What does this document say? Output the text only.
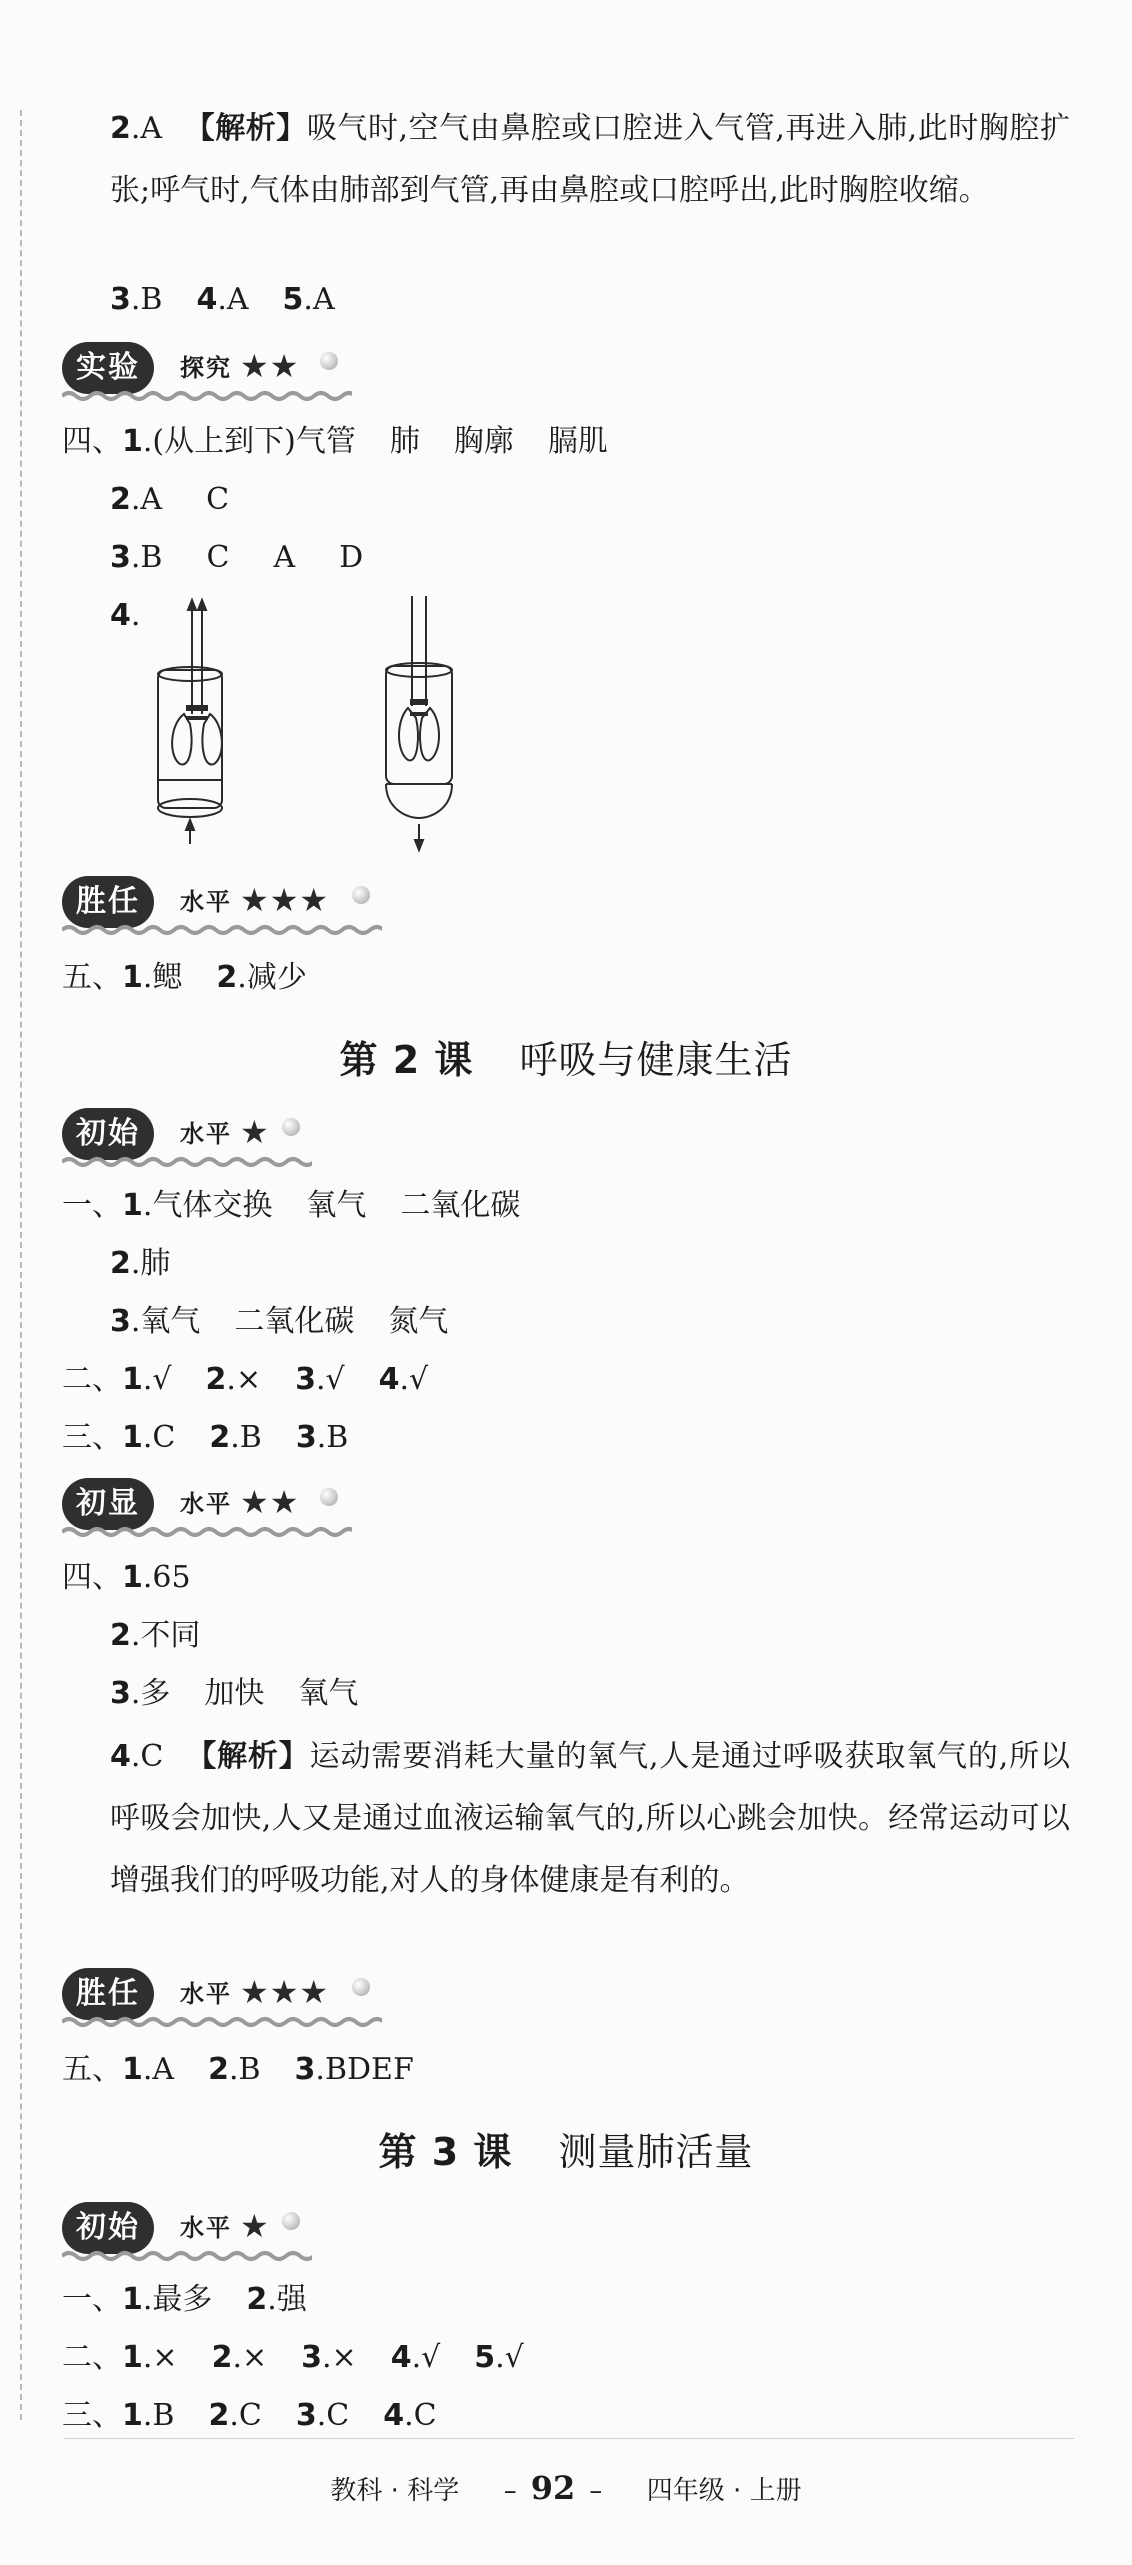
2.A 【解析】吸气时,空气由鼻腔或口腔进入气管,再进入肺,此时胸腔扩张;呼气时,气体由肺部到气管,再由鼻腔或口腔呼出,此时胸腔收缩。
3.B 4.A 5.A
实验	探究 ★★
四、1.(从上到下)气管 肺 胸廓 膈肌
2.A C
3.B C A D
4.
胜任	水平 ★★★
五、1.鳃 2.减少
第 2 课 呼吸与健康生活
初始	水平 ★
一、1.气体交换 氧气 二氧化碳
2.肺
3.氧气 二氧化碳 氮气
二、1.√ 2.× 3.√ 4.√
三、1.C 2.B 3.B
初显	水平 ★★
四、1.65
2.不同
3.多 加快 氧气
4.C 【解析】运动需要消耗大量的氧气,人是通过呼吸获取氧气的,所以呼吸会加快,人又是通过血液运输氧气的,所以心跳会加快。经常运动可以增强我们的呼吸功能,对人的身体健康是有利的。
胜任	水平 ★★★
五、1.A 2.B 3.BDEF
第 3 课 测量肺活量
初始	水平 ★
一、1.最多 2.强
二、1.× 2.× 3.× 4.√ 5.√
三、1.B 2.C 3.C 4.C
教科 · 科学 – 92 – 四年级 · 上册
